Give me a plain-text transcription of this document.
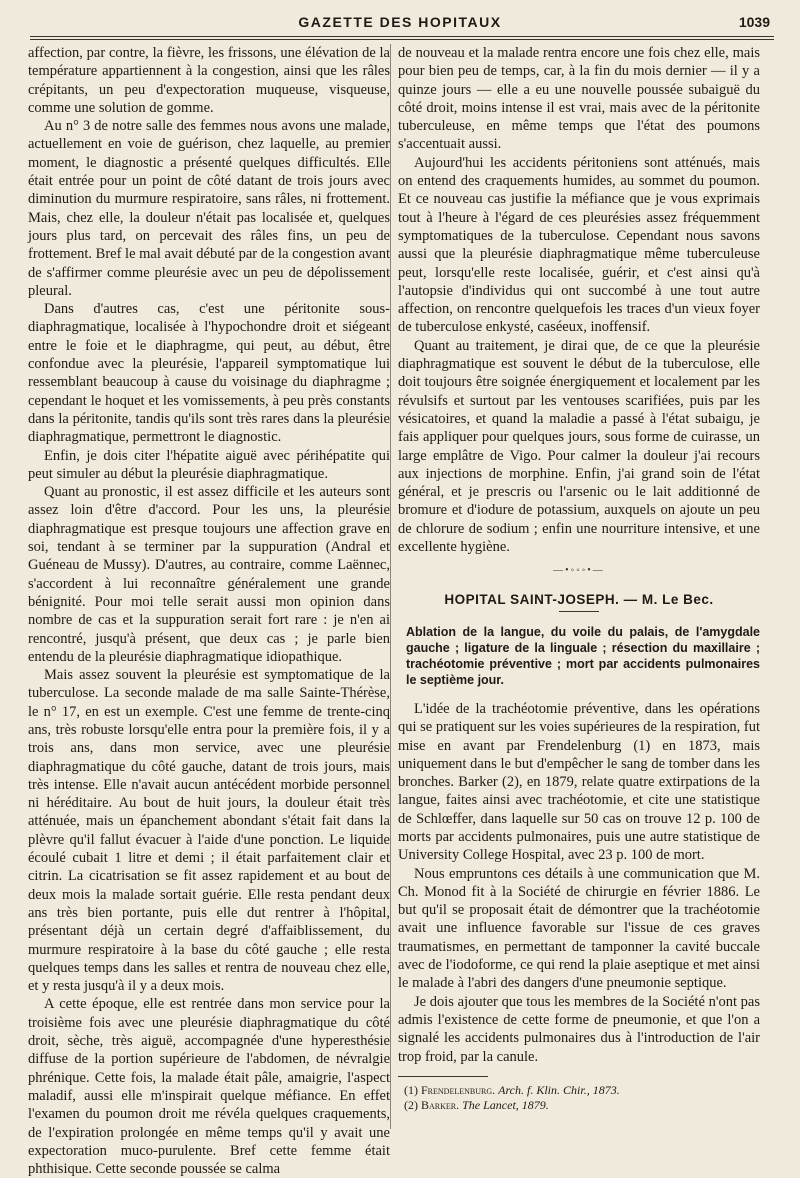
GAZETTE DES HOPITAUX	1039

affection, par contre, la fièvre, les frissons, une élévation de la température appartiennent à la congestion, ainsi que les râles crépitants, un peu d'expectoration muqueuse, visqueuse, comme une solution de gomme.

Au n° 3 de notre salle des femmes nous avons une malade, actuellement en voie de guérison, chez laquelle, au premier moment, le diagnostic a présenté quelques difficultés. Elle était entrée pour un point de côté datant de trois jours avec diminution du murmure respiratoire, sans râles, ni frottement. Mais, chez elle, la douleur n'était pas localisée et, quelques jours plus tard, on percevait des râles fins, un peu de frottement. Bref le mal avait débuté par de la congestion avant de s'affirmer comme pleurésie avec un peu de dépolissement pleural.

Dans d'autres cas, c'est une péritonite sous-diaphragmatique, localisée à l'hypochondre droit et siégeant entre le foie et le diaphragme, qui peut, au début, être confondue avec la pleurésie, l'appareil symptomatique lui ressemblant beaucoup à cause du voisinage du diaphragme ; cependant le hoquet et les vomissements, à peu près constants dans la péritonite, tandis qu'ils sont très rares dans la pleurésie diaphragmatique, permettront le diagnostic.

Enfin, je dois citer l'hépatite aiguë avec périhépatite qui peut simuler au début la pleurésie diaphragmatique.

Quant au pronostic, il est assez difficile et les auteurs sont assez loin d'être d'accord. Pour les uns, la pleurésie diaphragmatique est presque toujours une affection grave en soi, tendant à se terminer par la suppuration (Andral et Guéneau de Mussy). D'autres, au contraire, comme Laënnec, s'accordent à lui reconnaître généralement une grande bénignité. Pour moi telle serait aussi mon opinion dans nombre de cas et la suppuration serait fort rare : je n'en ai rencontré, jusqu'à présent, que deux cas ; je parle bien entendu de la pleurésie diaphragmatique idiopathique.

Mais assez souvent la pleurésie est symptomatique de la tuberculose. La seconde malade de ma salle Sainte-Thérèse, le n° 17, en est un exemple. C'est une femme de trente-cinq ans, très robuste lorsqu'elle entra pour la première fois, il y a trois ans, dans mon service, avec une pleurésie diaphragmatique du côté gauche, datant de trois jours, mais très intense. Elle n'avait aucun antécédent morbide personnel ni héréditaire. Au bout de huit jours, la douleur était très atténuée, mais un épanchement abondant s'était fait dans la plèvre qu'il fallut évacuer à l'aide d'une ponction. Le liquide écoulé cubait 1 litre et demi ; il était parfaitement clair et citrin. La cicatrisation se fit assez rapidement et au bout de deux mois la malade sortait guérie. Elle resta pendant deux ans très bien portante, puis elle dut rentrer à l'hôpital, présentant déjà un certain degré d'affaiblissement, du murmure respiratoire à la base du côté gauche ; elle resta quelques temps dans les salles et rentra de nouveau chez elle, et y resta jusqu'à il y a deux mois.

A cette époque, elle est rentrée dans mon service pour la troisième fois avec une pleurésie diaphragmatique du côté droit, sèche, très aiguë, accompagnée d'une hyperesthésie diffuse de la portion supérieure de l'abdomen, de névralgie phrénique. Cette fois, la malade était pâle, amaigrie, l'aspect maladif, aussi elle m'inspirait quelque méfiance. En effet l'examen du poumon droit me révéla quelques craquements, de l'expiration prolongée en même temps qu'il y avait une expectoration muco-purulente. Bref cette femme était phthisique. Cette seconde poussée se calma

de nouveau et la malade rentra encore une fois chez elle, mais pour bien peu de temps, car, à la fin du mois dernier — il y a quinze jours — elle a eu une nouvelle poussée subaiguë du côté droit, moins intense il est vrai, mais avec de la péritonite tuberculeuse, en même temps que l'état des poumons s'accentuait aussi.

Aujourd'hui les accidents péritoniens sont atténués, mais on entend des craquements humides, au sommet du poumon. Et ce nouveau cas justifie la méfiance que je vous exprimais tout à l'heure à l'égard de ces pleurésies assez fréquemment symptomatiques de la tuberculose. Cependant nous savons aussi que la pleurésie diaphragmatique même tuberculeuse peut, lorsqu'elle reste localisée, guérir, et c'est ainsi qu'à l'autopsie d'individus qui ont succombé à une tout autre affection, on rencontre quelquefois les traces d'un vieux foyer de tuberculose enkysté, caséeux, inoffensif.

Quant au traitement, je dirai que, de ce que la pleurésie diaphragmatique est souvent le début de la tuberculose, elle doit toujours être soignée énergiquement et localement par les révulsifs et surtout par les ventouses scarifiées, puis par les vésicatoires, et quand la maladie a passé à l'état subaigu, je fais appliquer pour quelques jours, sous forme de cuirasse, un large emplâtre de Vigo. Pour calmer la douleur j'ai recours aux injections de morphine. Enfin, j'ai grand soin de l'état général, et je prescris ou l'arsenic ou le lait additionné de bromure et d'iodure de potassium, auxquels on ajoute un peu de chlorure de sodium ; enfin une nourriture intensive, et une excellente hygiène.

—•◦◦◦•—
HOPITAL SAINT-JOSEPH. — M. Le Bec.
Ablation de la langue, du voile du palais, de l'amygdale gauche ; ligature de la linguale ; résection du maxillaire ; trachéotomie préventive ; mort par accidents pulmonaires le septième jour.

L'idée de la trachéotomie préventive, dans les opérations qui se pratiquent sur les voies supérieures de la respiration, fut mise en avant par Frendelenburg (1) en 1873, mais uniquement dans le but d'empêcher le sang de tomber dans les bronches. Barker (2), en 1879, relate quatre extirpations de la langue, faites ainsi avec trachéotomie, et cite une statistique de Schlœffer, dans laquelle sur 50 cas on trouve 12 p. 100 de morts par accidents pulmonaires, puis une autre statistique de University College Hospital, avec 23 p. 100 de mort.

Nous empruntons ces détails à une communication que M. Ch. Monod fit à la Société de chirurgie en février 1886. Le but qu'il se proposait était de démontrer que la trachéotomie avait une influence favorable sur l'issue de ces graves traumatismes, en permettant de tamponner la cavité buccale avec de l'iodoforme, ce qui rend la plaie aseptique et met ainsi le malade à l'abri des dangers d'une pneumonie septique.

Je dois ajouter que tous les membres de la Société n'ont pas admis l'existence de cette forme de pneumonie, et que l'on a signalé les accidents pulmonaires dus à l'introduction de l'air trop froid, par la canule.

(1) Frendelenburg. Arch. f. Klin. Chir., 1873.
(2) Barker. The Lancet, 1879.
